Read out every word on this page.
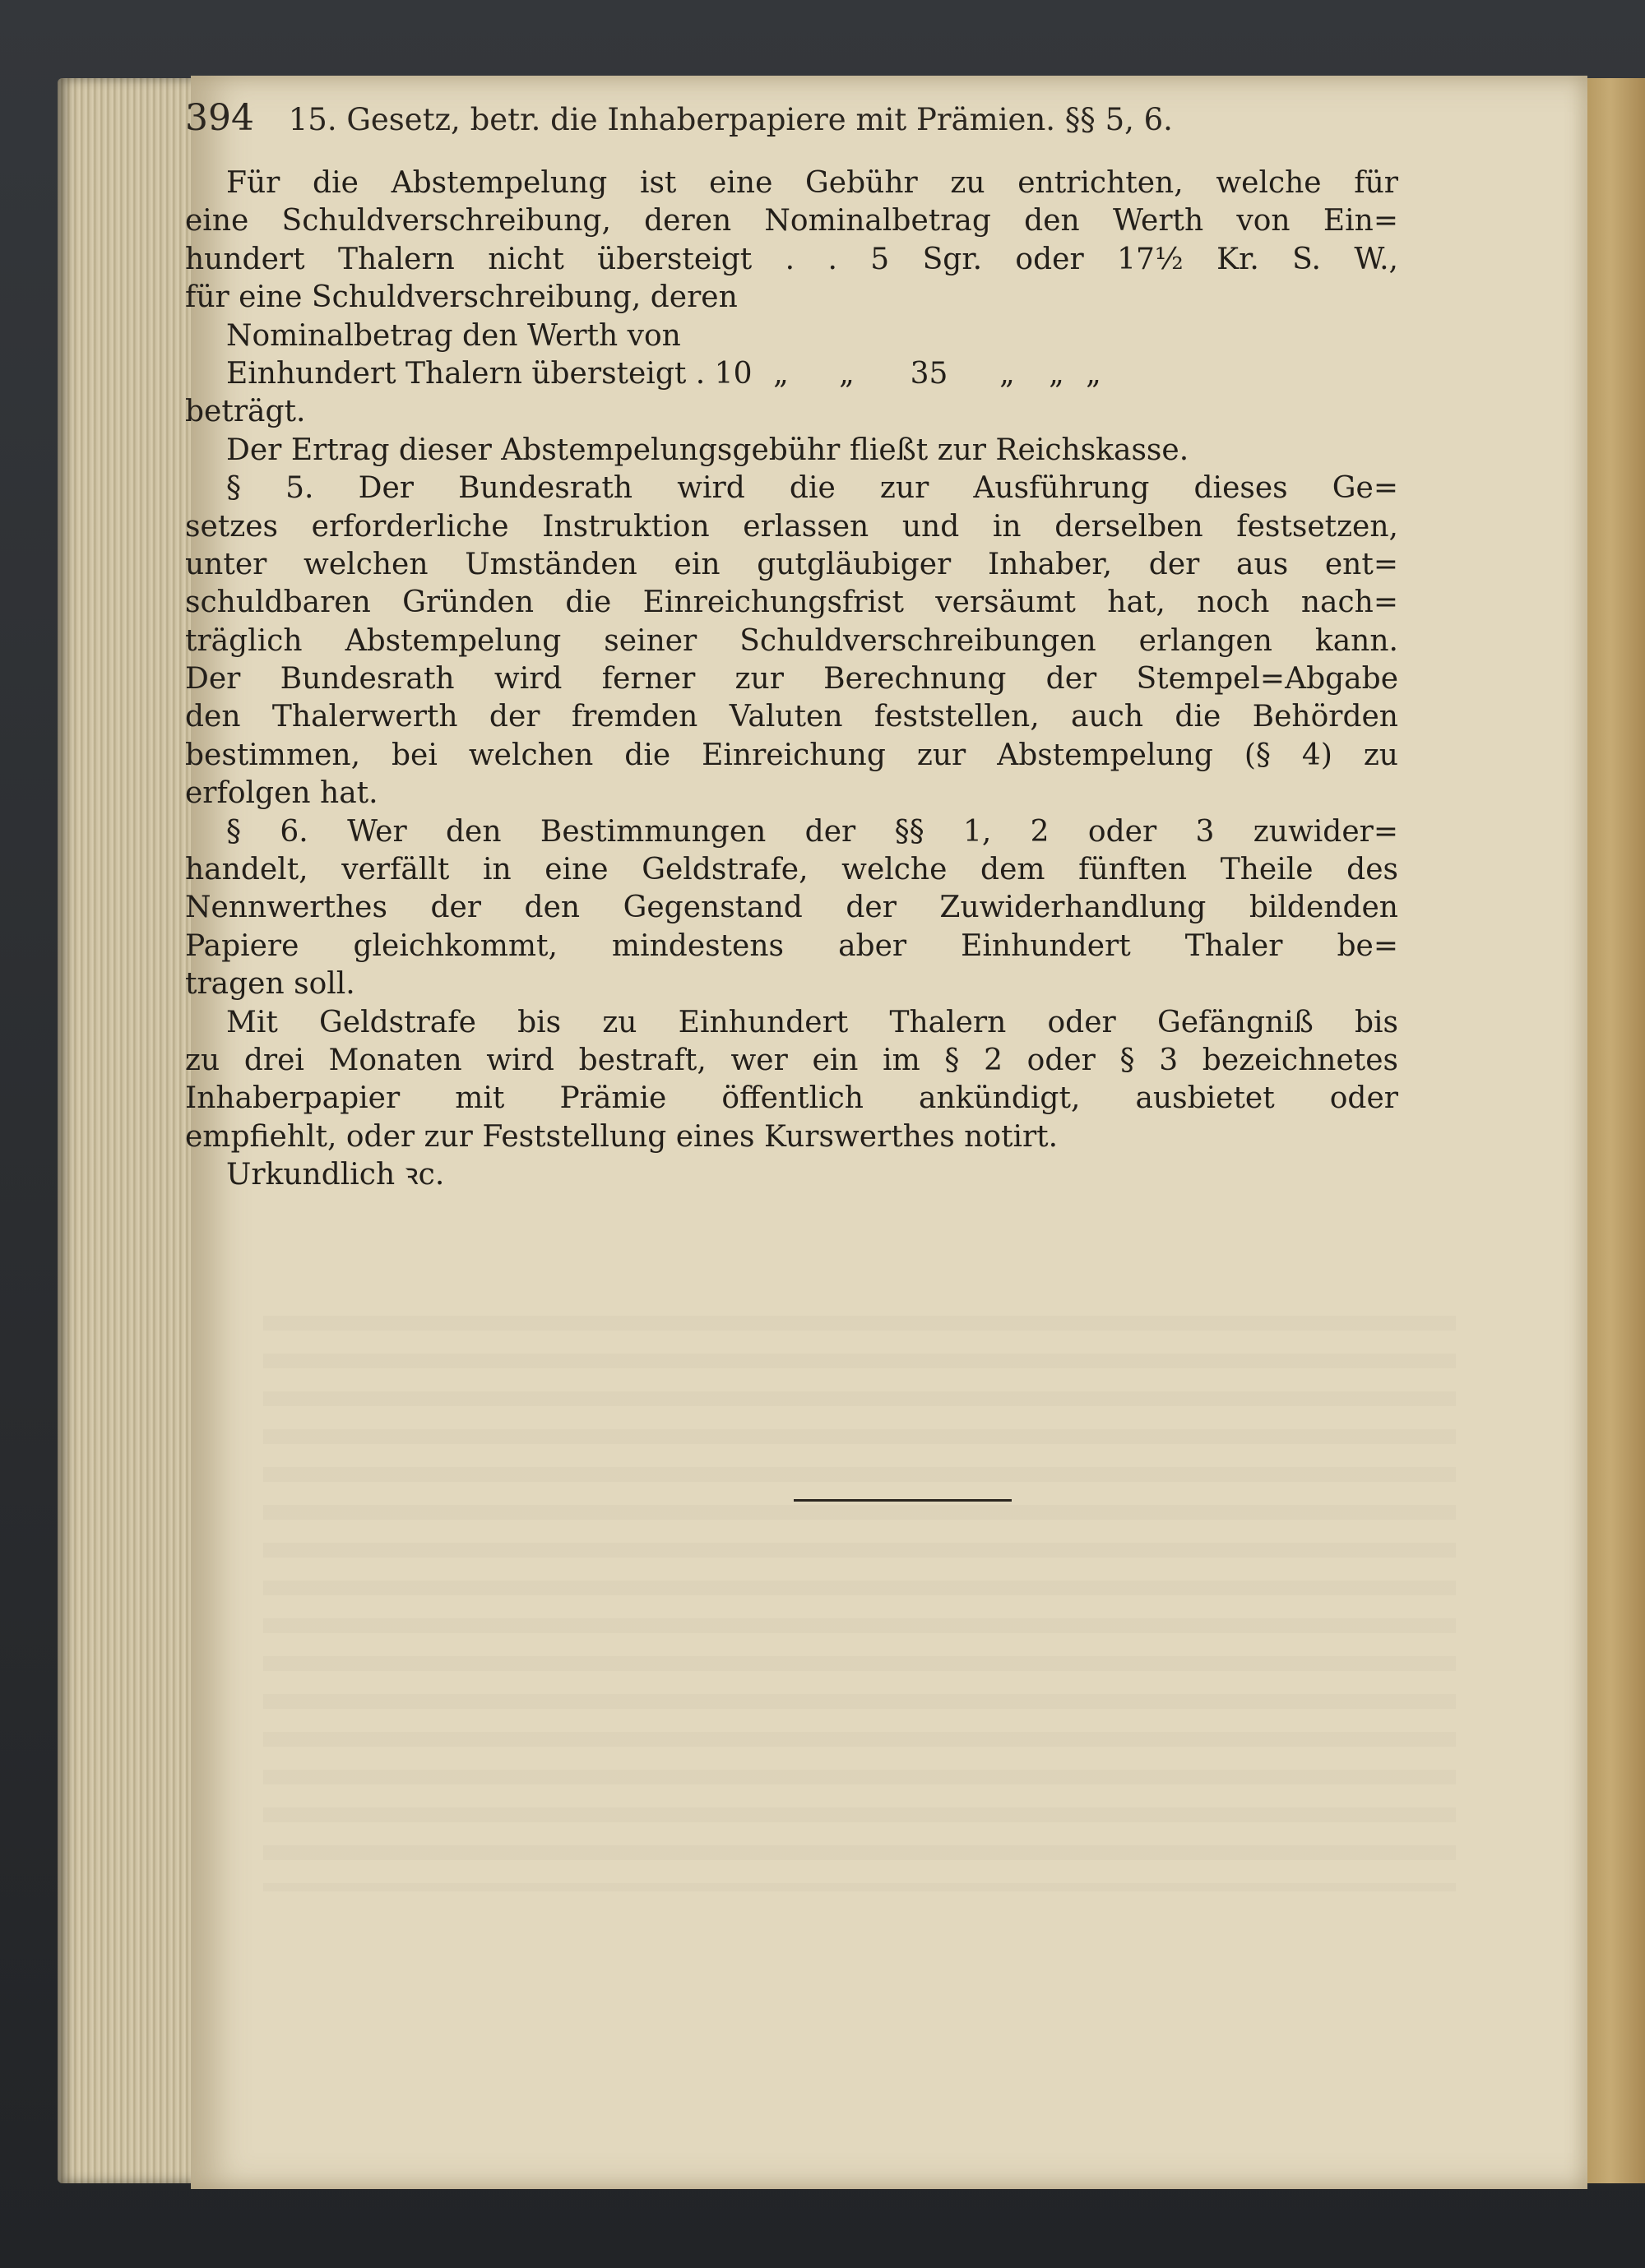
394 15. Gesetz, betr. die Inhaberpapiere mit Prämien. §§ 5, 6.
Für die Abstempelung ist eine Gebühr zu entrichten, welche für
eine Schuldverschreibung, deren Nominalbetrag den Werth von Ein=
hundert Thalern nicht übersteigt . . 5 Sgr. oder 17½ Kr. S. W.,
für eine Schuldverschreibung, deren
Nominalbetrag den Werth von
Einhundert Thalern übersteigt . 10 „	„	35	„	„ „
beträgt.
Der Ertrag dieser Abstempelungsgebühr fließt zur Reichskasse.
§ 5. Der Bundesrath wird die zur Ausführung dieses Ge=
setzes erforderliche Instruktion erlassen und in derselben festsetzen,
unter welchen Umständen ein gutgläubiger Inhaber, der aus ent=
schuldbaren Gründen die Einreichungsfrist versäumt hat, noch nach=
träglich Abstempelung seiner Schuldverschreibungen erlangen kann.
Der Bundesrath wird ferner zur Berechnung der Stempel=Abgabe
den Thalerwerth der fremden Valuten feststellen, auch die Behörden
bestimmen, bei welchen die Einreichung zur Abstempelung (§ 4) zu
erfolgen hat.
§ 6. Wer den Bestimmungen der §§ 1, 2 oder 3 zuwider=
handelt, verfällt in eine Geldstrafe, welche dem fünften Theile des
Nennwerthes der den Gegenstand der Zuwiderhandlung bildenden
Papiere gleichkommt, mindestens aber Einhundert Thaler be=
tragen soll.
Mit Geldstrafe bis zu Einhundert Thalern oder Gefängniß bis
zu drei Monaten wird bestraft, wer ein im § 2 oder § 3 bezeichnetes
Inhaberpapier mit Prämie öffentlich ankündigt, ausbietet oder
empfiehlt, oder zur Feststellung eines Kurswerthes notirt.
Urkundlich ꝛc.
